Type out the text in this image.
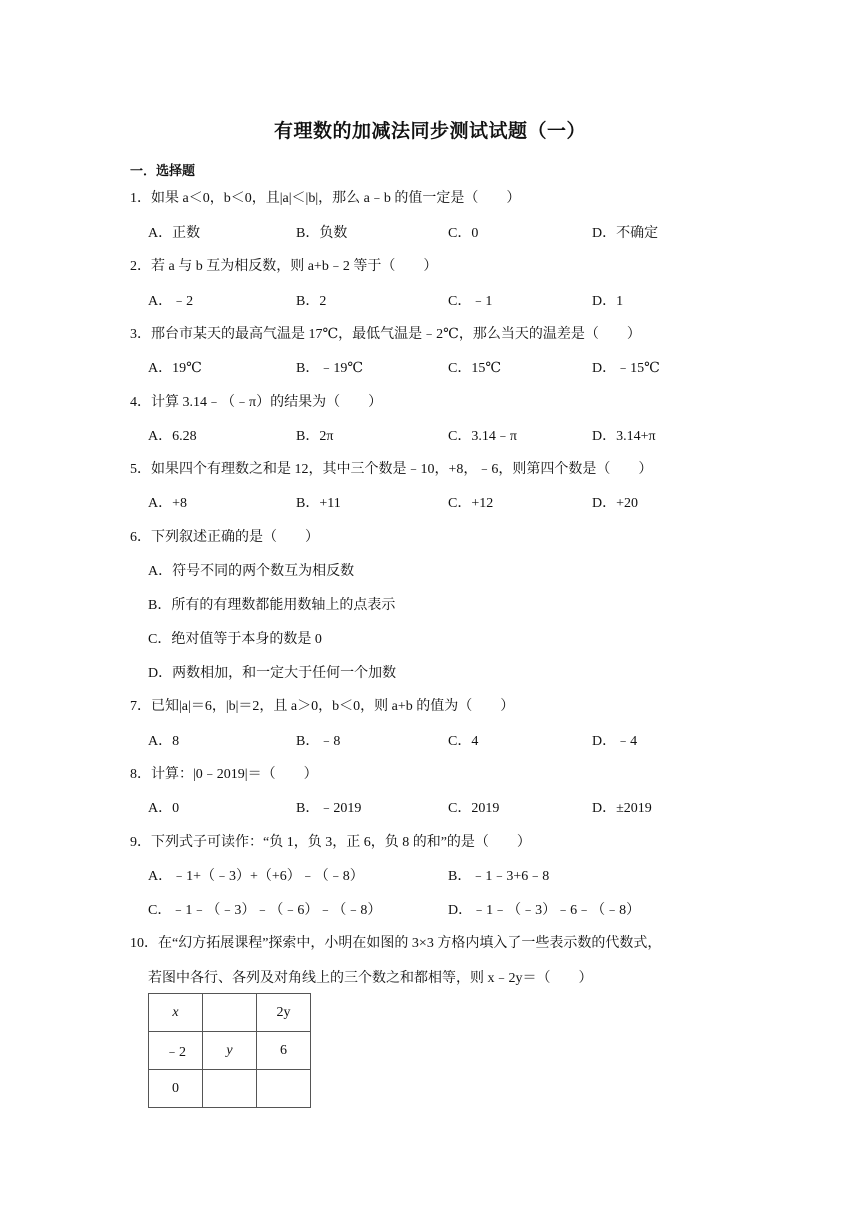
有理数的加减法同步测试试题（一）
一．选择题
1．如果 a＜0，b＜0，且|a|＜|b|，那么 a﹣b 的值一定是（　　）
A．正数	B．负数	C．0	D．不确定
2．若 a 与 b 互为相反数，则 a+b﹣2 等于（　　）
A．﹣2	B．2	C．﹣1	D．1
3．邢台市某天的最高气温是 17℃，最低气温是﹣2℃，那么当天的温差是（　　）
A．19℃	B．﹣19℃	C．15℃	D．﹣15℃
4．计算 3.14﹣（﹣π）的结果为（　　）
A．6.28	B．2π	C．3.14﹣π	D．3.14+π
5．如果四个有理数之和是 12，其中三个数是﹣10，+8，﹣6，则第四个数是（　　）
A．+8	B．+11	C．+12	D．+20
6．下列叙述正确的是（　　）
A．符号不同的两个数互为相反数
B．所有的有理数都能用数轴上的点表示
C．绝对值等于本身的数是 0
D．两数相加，和一定大于任何一个加数
7．已知|a|＝6，|b|＝2，且 a＞0，b＜0，则 a+b 的值为（　　）
A．8	B．﹣8	C．4	D．﹣4
8．计算：|0﹣2019|＝（　　）
A．0	B．﹣2019	C．2019	D．±2019
9．下列式子可读作：“负 1，负 3，正 6，负 8 的和”的是（　　）
A．﹣1+（﹣3）+（+6）﹣（﹣8）	B．﹣1﹣3+6﹣8
C．﹣1﹣（﹣3）﹣（﹣6）﹣（﹣8）	D．﹣1﹣（﹣3）﹣6﹣（﹣8）
10．在“幻方拓展课程”探索中，小明在如图的 3×3 方格内填入了一些表示数的代数式，
若图中各行、各列及对角线上的三个数之和都相等，则 x﹣2y＝（　　）
x		2y
﹣2	y	6
0		
